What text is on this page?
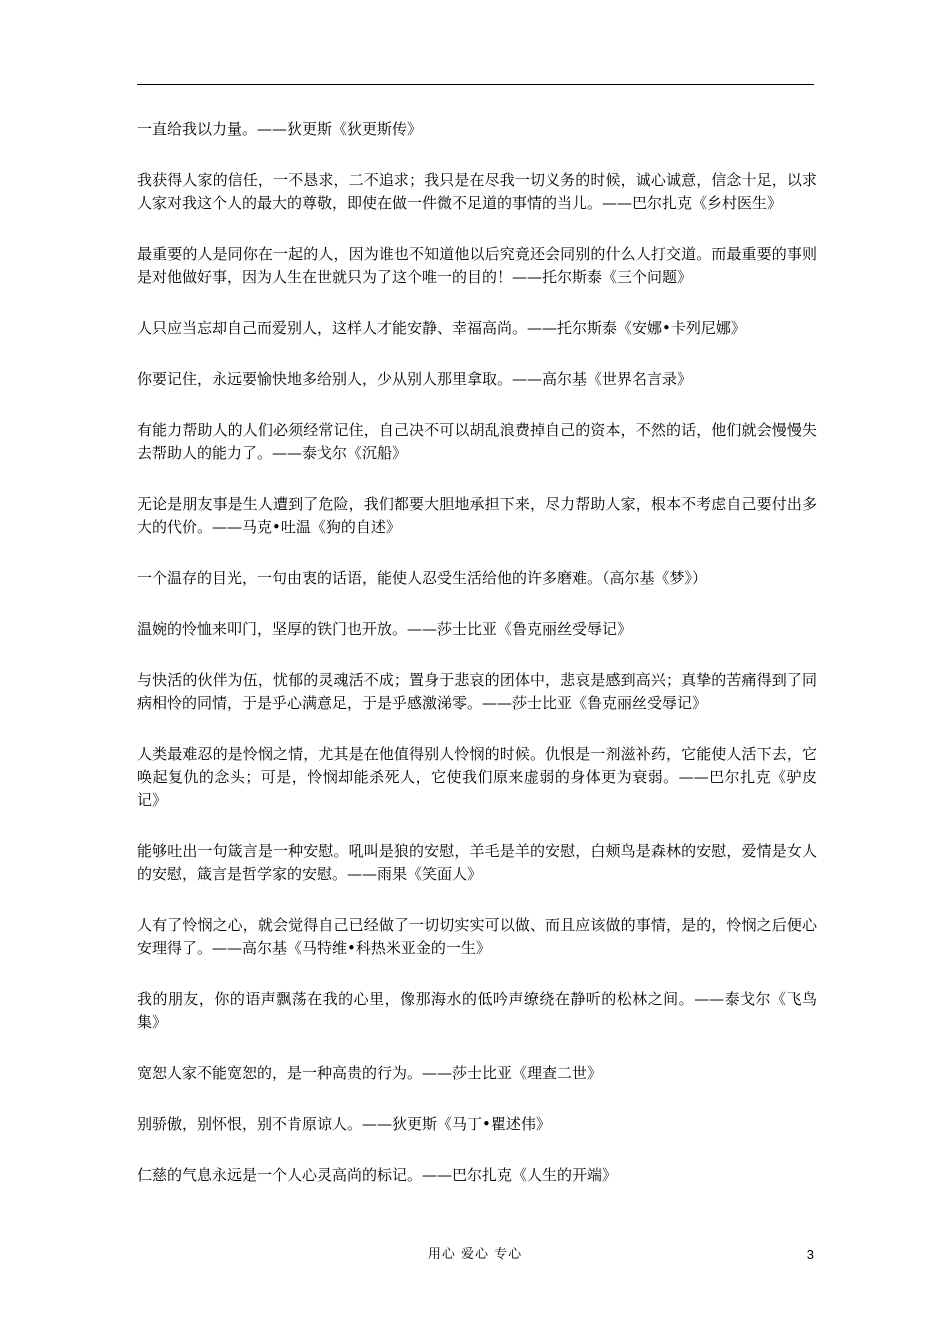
一直给我以力量。——狄更斯《狄更斯传》

我获得人家的信任，一不恳求，二不追求；我只是在尽我一切义务的时候，诚心诚意，信念十足，以求人家对我这个人的最大的尊敬，即使在做一件微不足道的事情的当儿。——巴尔扎克《乡村医生》

最重要的人是同你在一起的人，因为谁也不知道他以后究竟还会同别的什么人打交道。而最重要的事则是对他做好事，因为人生在世就只为了这个唯一的目的！——托尔斯泰《三个问题》

人只应当忘却自己而爱别人，这样人才能安静、幸福高尚。——托尔斯泰《安娜•卡列尼娜》

你要记住，永远要愉快地多给别人，少从别人那里拿取。——高尔基《世界名言录》

有能力帮助人的人们必须经常记住，自己决不可以胡乱浪费掉自己的资本，不然的话，他们就会慢慢失去帮助人的能力了。——泰戈尔《沉船》

无论是朋友事是生人遭到了危险，我们都要大胆地承担下来，尽力帮助人家，根本不考虑自己要付出多大的代价。——马克•吐温《狗的自述》

一个温存的目光，一句由衷的话语，能使人忍受生活给他的许多磨难。（高尔基《梦》）

温婉的怜恤来叩门，坚厚的铁门也开放。——莎士比亚《鲁克丽丝受辱记》

与快活的伙伴为伍，忧郁的灵魂活不成；置身于悲哀的团体中，悲哀是感到高兴；真挚的苦痛得到了同病相怜的同情，于是乎心满意足，于是乎感激涕零。——莎士比亚《鲁克丽丝受辱记》

人类最难忍的是怜悯之情，尤其是在他值得别人怜悯的时候。仇恨是一剂滋补药，它能使人活下去，它唤起复仇的念头；可是，怜悯却能杀死人，它使我们原来虚弱的身体更为衰弱。——巴尔扎克《驴皮记》

能够吐出一句箴言是一种安慰。吼叫是狼的安慰，羊毛是羊的安慰，白颊鸟是森林的安慰，爱情是女人的安慰，箴言是哲学家的安慰。——雨果《笑面人》

人有了怜悯之心，就会觉得自己已经做了一切切实实可以做、而且应该做的事情，是的，怜悯之后便心安理得了。——高尔基《马特维•科热米亚金的一生》

我的朋友，你的语声飘荡在我的心里，像那海水的低吟声缭绕在静听的松林之间。——泰戈尔《飞鸟集》

宽恕人家不能宽恕的，是一种高贵的行为。——莎士比亚《理查二世》

别骄傲，别怀恨，别不肯原谅人。——狄更斯《马丁•瞿述伟》

仁慈的气息永远是一个人心灵高尚的标记。——巴尔扎克《人生的开端》

用心 爱心 专心	3
